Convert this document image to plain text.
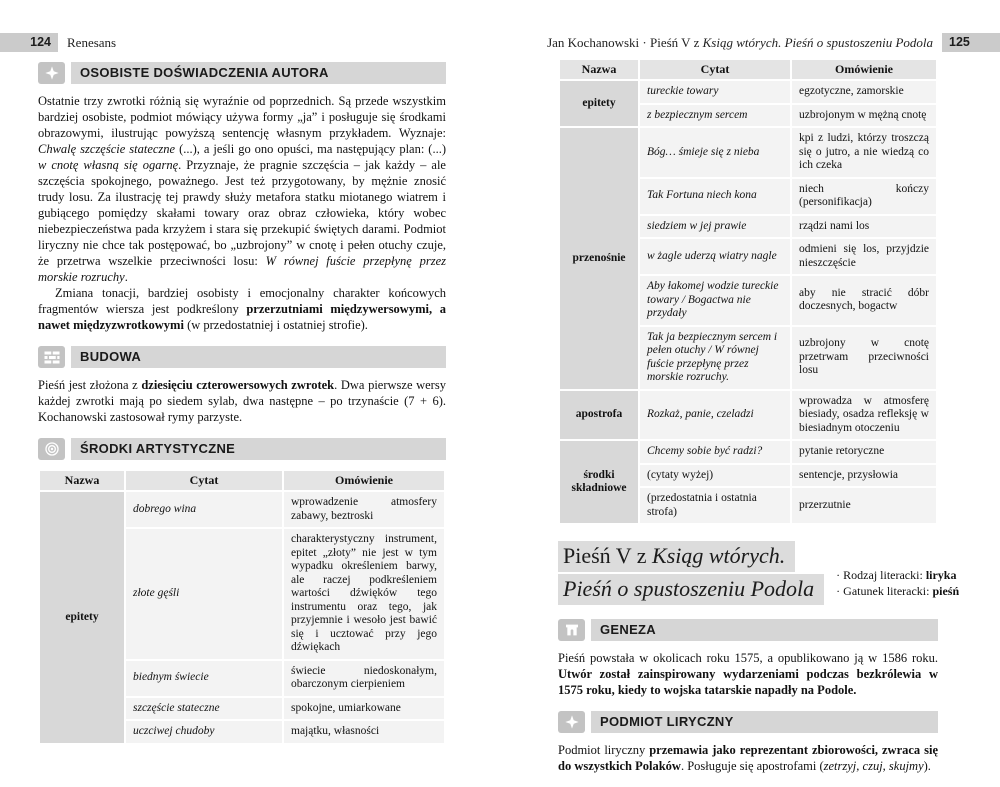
124	Renesans	Jan Kochanowski · Pieśń V z Ksiąg wtórych. Pieśń o spustoszeniu Podola	125
OSOBISTE DOŚWIADCZENIA AUTORA

Ostatnie trzy zwrotki różnią się wyraźnie od poprzednich. Są przede wszystkim bardziej osobiste, podmiot mówiący używa formy „ja” i posługuje się środkami obrazowymi, ilustrując powyższą sentencję własnym przykładem. Wyznaje: Chwalę szczęście stateczne (...), a jeśli go ono opuści, ma następujący plan: (...) w cnotę własną się ogarnę. Przyznaje, że pragnie szczęścia – jak każdy – ale szczęścia spokojnego, poważnego. Jest też przygotowany, by mężnie znosić trudy losu. Za ilustrację tej prawdy służy metafora statku miotanego wiatrem i gubiącego pomiędzy skałami towary oraz obraz człowieka, który wobec niebezpieczeństwa pada krzyżem i stara się przekupić świętych darami. Podmiot liryczny nie chce tak postępować, bo „uzbrojony” w cnotę i pełen otuchy czuje, że przetrwa wszelkie przeciwności losu: W równej fuście przepłynę przez morskie rozruchy.

Zmiana tonacji, bardziej osobisty i emocjonalny charakter końcowych fragmentów wiersza jest podkreślony przerzutniami międzywersowymi, a nawet międzyzwrotkowymi (w przedostatniej i ostatniej strofie).

BUDOWA

Pieśń jest złożona z dziesięciu czterowersowych zwrotek. Dwa pierwsze wersy każdej zwrotki mają po siedem sylab, dwa następne – po trzynaście (7 + 6). Kochanowski zastosował rymy parzyste.

ŚRODKI ARTYSTYCZNE
Nazwa	Cytat	Omówienie
epitety	dobrego wina	wprowadzenie atmosfery zabawy, beztroski
	złote gęśli	charakterystyczny instrument, epitet „złoty” nie jest w tym wypadku określeniem barwy, ale raczej podkreśleniem wartości dźwięków tego instrumentu oraz tego, jak przyjemnie i wesoło jest bawić się i ucztować przy jego dźwiękach
	biednym świecie	świecie niedoskonałym, obarczonym cierpieniem
	szczęście stateczne	spokojne, umiarkowane
	uczciwej chudoby	majątku, własności
Nazwa	Cytat	Omówienie
epitety	tureckie towary	egzotyczne, zamorskie
	z bezpiecznym sercem	uzbrojonym w mężną cnotę
przenośnie	Bóg… śmieje się z nieba	kpi z ludzi, którzy troszczą się o jutro, a nie wiedzą co ich czeka
	Tak Fortuna niech kona	niech kończy (personifikacja)
	siedziem w jej prawie	rządzi nami los
	w żagle uderzą wiatry nagle	odmieni się los, przyjdzie nieszczęście
	Aby łakomej wodzie tureckie towary / Bogactwa nie przydały	aby nie stracić dóbr doczesnych, bogactw
	Tak ja bezpiecznym sercem i pełen otuchy / W równej fuście przepłynę przez morskie rozruchy.	uzbrojony w cnotę przetrwam przeciwności losu
apostrofa	Rozkaż, panie, czeladzi	wprowadza w atmosferę biesiady, osadza refleksję w biesiadnym otoczeniu
środki składniowe	Chcemy sobie być radzi?	pytanie retoryczne
	(cytaty wyżej)	sentencje, przysłowia
	(przedostatnia i ostatnia strofa)	przerzutnie
Pieśń V z Ksiąg wtórych.
Pieśń o spustoszeniu Podola
· Rodzaj literacki: liryka
· Gatunek literacki: pieśń
GENEZA

Pieśń powstała w okolicach roku 1575, a opublikowano ją w 1586 roku. Utwór został zainspirowany wydarzeniami podczas bezkrólewia w 1575 roku, kiedy to wojska tatarskie napadły na Podole.

PODMIOT LIRYCZNY

Podmiot liryczny przemawia jako reprezentant zbiorowości, zwraca się do wszystkich Polaków. Posługuje się apostrofami (zetrzyj, czuj, skujmy).
